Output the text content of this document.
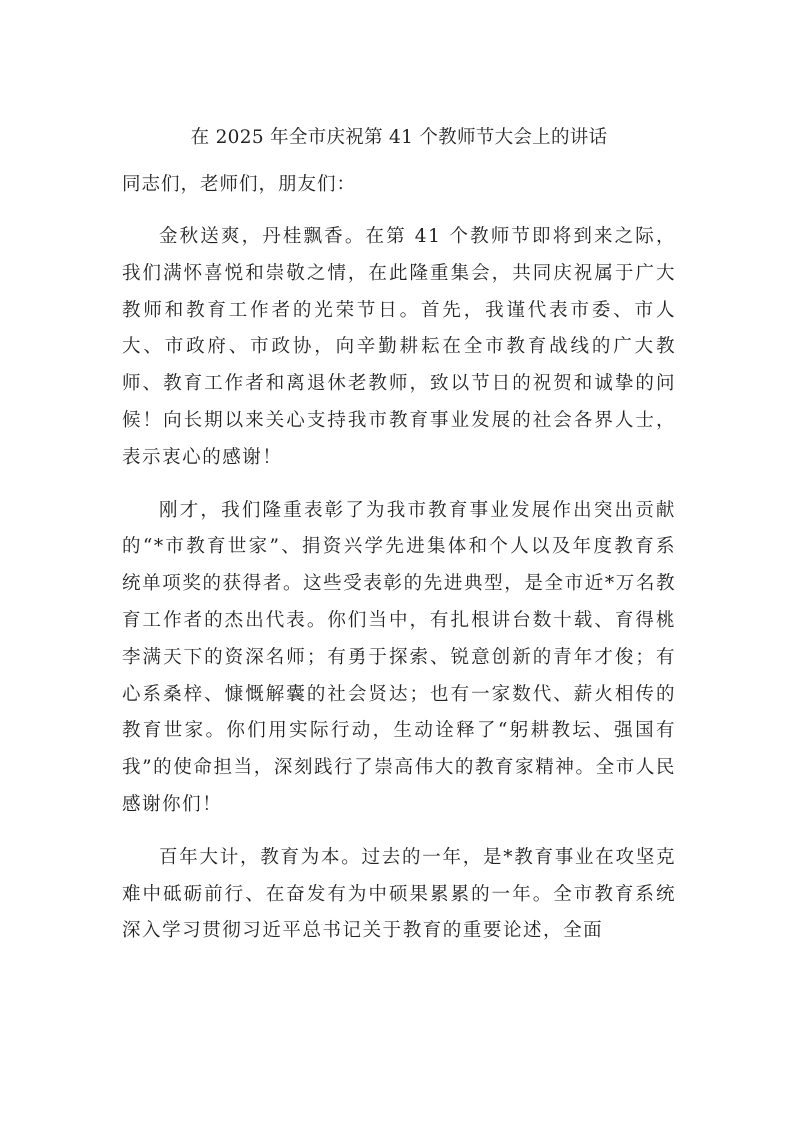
在 2025 年全市庆祝第 41 个教师节大会上的讲话
同志们，老师们，朋友们：

金秋送爽，丹桂飘香。在第 41 个教师节即将到来之际，我们满怀喜悦和崇敬之情，在此隆重集会，共同庆祝属于广大教师和教育工作者的光荣节日。首先，我谨代表市委、市人大、市政府、市政协，向辛勤耕耘在全市教育战线的广大教师、教育工作者和离退休老教师，致以节日的祝贺和诚挚的问候！向长期以来关心支持我市教育事业发展的社会各界人士，表示衷心的感谢！

刚才，我们隆重表彰了为我市教育事业发展作出突出贡献的“*市教育世家”、捐资兴学先进集体和个人以及年度教育系统单项奖的获得者。这些受表彰的先进典型，是全市近*万名教育工作者的杰出代表。你们当中，有扎根讲台数十载、育得桃李满天下的资深名师；有勇于探索、锐意创新的青年才俊；有心系桑梓、慷慨解囊的社会贤达；也有一家数代、薪火相传的教育世家。你们用实际行动，生动诠释了“躬耕教坛、强国有我”的使命担当，深刻践行了崇高伟大的教育家精神。全市人民感谢你们！

百年大计，教育为本。过去的一年，是*教育事业在攻坚克难中砥砺前行、在奋发有为中硕果累累的一年。全市教育系统深入学习贯彻习近平总书记关于教育的重要论述，全面
